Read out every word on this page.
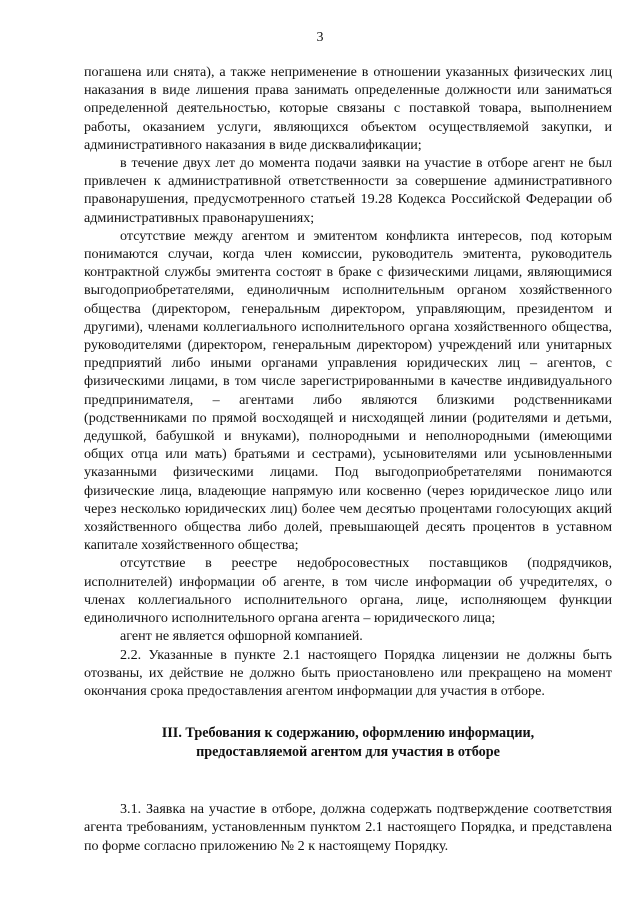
3

погашена или снята), а также неприменение в отношении указанных физических лиц наказания в виде лишения права занимать определенные должности или заниматься определенной деятельностью, которые связаны с поставкой товара, выполнением работы, оказанием услуги, являющихся объектом осуществляемой закупки, и административного наказания в виде дисквалификации;

в течение двух лет до момента подачи заявки на участие в отборе агент не был привлечен к административной ответственности за совершение административного правонарушения, предусмотренного статьей 19.28 Кодекса Российской Федерации об административных правонарушениях;

отсутствие между агентом и эмитентом конфликта интересов, под которым понимаются случаи, когда член комиссии, руководитель эмитента, руководитель контрактной службы эмитента состоят в браке с физическими лицами, являющимися выгодоприобретателями, единоличным исполнительным органом хозяйственного общества (директором, генеральным директором, управляющим, президентом и другими), членами коллегиального исполнительного органа хозяйственного общества, руководителями (директором, генеральным директором) учреждений или унитарных предприятий либо иными органами управления юридических лиц – агентов, с физическими лицами, в том числе зарегистрированными в качестве индивидуального предпринимателя, – агентами либо являются близкими родственниками (родственниками по прямой восходящей и нисходящей линии (родителями и детьми, дедушкой, бабушкой и внуками), полнородными и неполнородными (имеющими общих отца или мать) братьями и сестрами), усыновителями или усыновленными указанными физическими лицами. Под выгодоприобретателями понимаются физические лица, владеющие напрямую или косвенно (через юридическое лицо или через несколько юридических лиц) более чем десятью процентами голосующих акций хозяйственного общества либо долей, превышающей десять процентов в уставном капитале хозяйственного общества;

отсутствие в реестре недобросовестных поставщиков (подрядчиков, исполнителей) информации об агенте, в том числе информации об учредителях, о членах коллегиального исполнительного органа, лице, исполняющем функции единоличного исполнительного органа агента – юридического лица;

агент не является офшорной компанией.

2.2. Указанные в пункте 2.1 настоящего Порядка лицензии не должны быть отозваны, их действие не должно быть приостановлено или прекращено на момент окончания срока предоставления агентом информации для участия в отборе.

III. Требования к содержанию, оформлению информации,
предоставляемой агентом для участия в отборе

3.1. Заявка на участие в отборе, должна содержать подтверждение соответствия агента требованиям, установленным пунктом 2.1 настоящего Порядка, и представлена по форме согласно приложению № 2 к настоящему Порядку.
